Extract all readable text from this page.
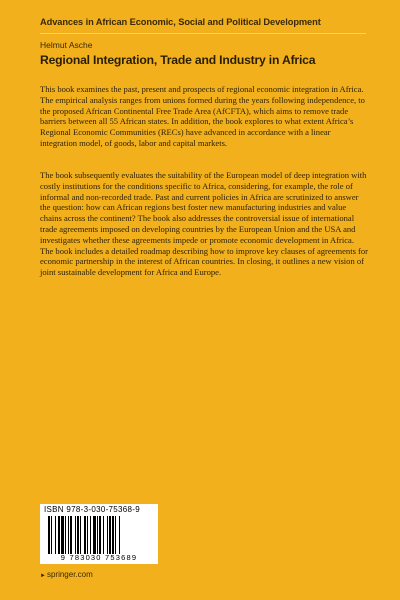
Advances in African Economic, Social and Political Development
Helmut Asche
Regional Integration, Trade and Industry in Africa

This book examines the past, present and prospects of regional economic integration in Africa. The empirical analysis ranges from unions formed during the years following independence, to the proposed African Continental Free Trade Area (AfCFTA), which aims to remove trade barriers between all 55 African states. In addition, the book explores to what extent Africa’s Regional Economic Communities (RECs) have advanced in accordance with a linear integration model, of goods, labor and capital markets.

The book subsequently evaluates the suitability of the European model of deep integration with costly institutions for the conditions specific to Africa, considering, for example, the role of informal and non-recorded trade. Past and current policies in Africa are scrutinized to answer the question: how can African regions best foster new manufacturing industries and value chains across the continent? The book also addresses the controversial issue of international trade agreements imposed on developing countries by the European Union and the USA and investigates whether these agreements impede or promote economic development in Africa. The book includes a detailed roadmap describing how to improve key clauses of agreements for economic partnership in the interest of African countries. In closing, it outlines a new vision of joint sustainable development for Africa and Europe.

ISBN 978-3-030-75368-9
9 783030 753689
►springer.com
